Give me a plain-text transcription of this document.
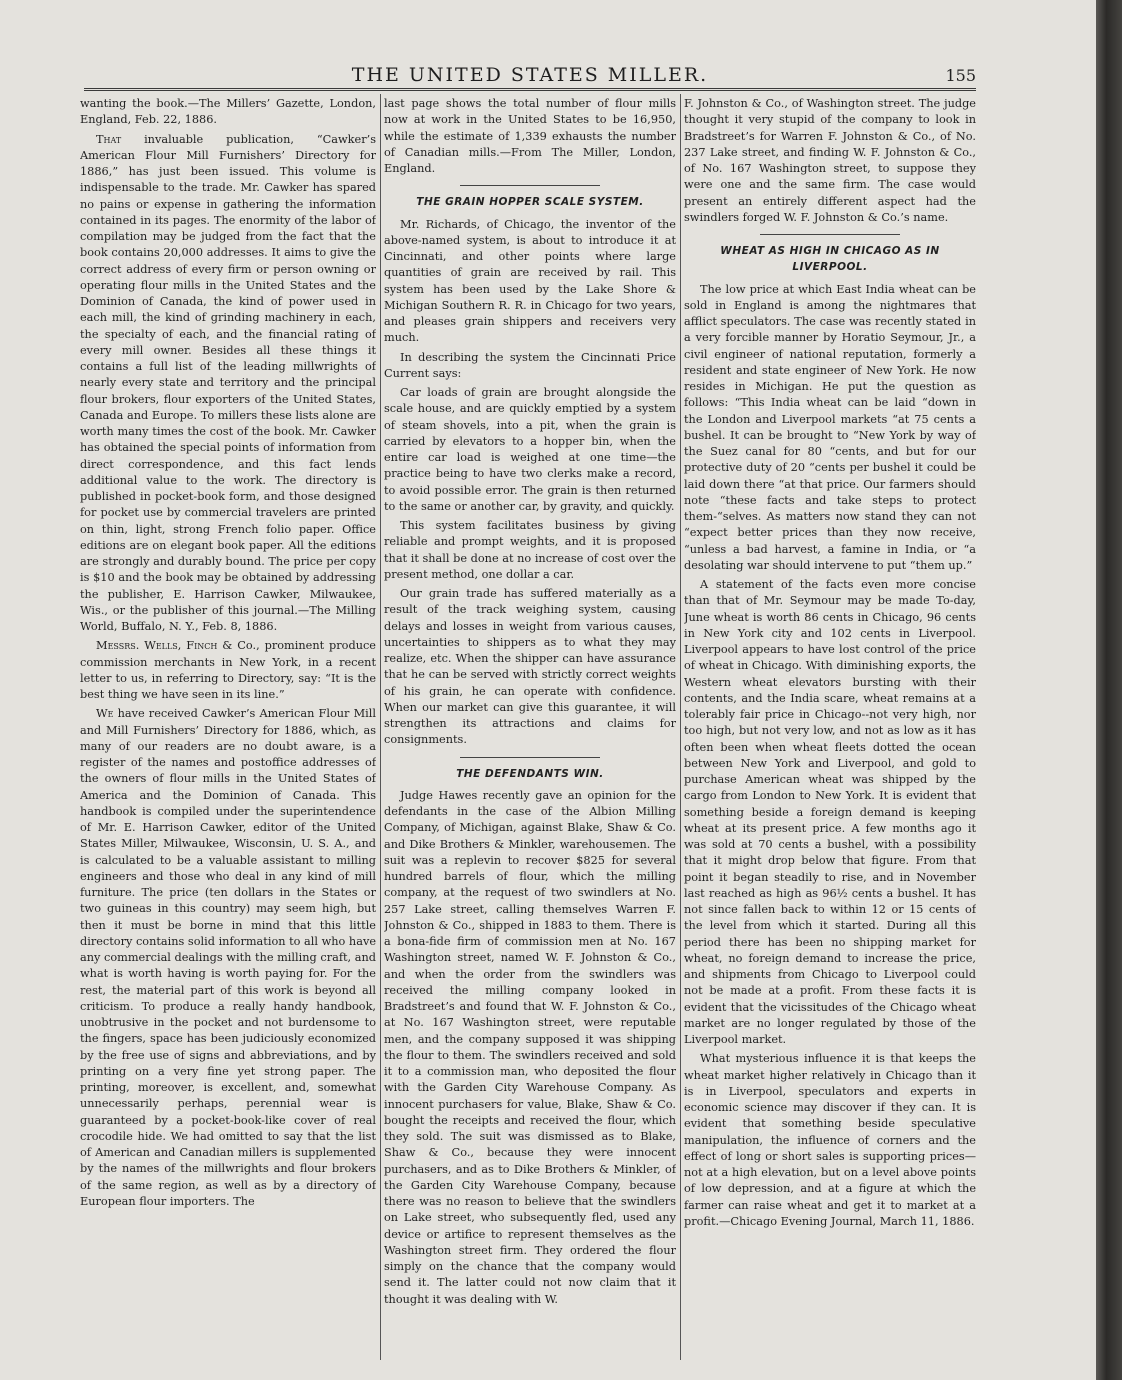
THE UNITED STATES MILLER.	155

wanting the book.—The Millers’ Gazette, London, England, Feb. 22, 1886.

That invaluable publication, “Cawker’s American Flour Mill Furnishers’ Directory for 1886,” has just been issued. This volume is indispensable to the trade. Mr. Cawker has spared no pains or expense in gathering the information contained in its pages. The enormity of the labor of compilation may be judged from the fact that the book contains 20,000 addresses. It aims to give the correct address of every firm or person owning or operating flour mills in the United States and the Dominion of Canada, the kind of power used in each mill, the kind of grinding machinery in each, the specialty of each, and the financial rating of every mill owner. Besides all these things it contains a full list of the leading millwrights of nearly every state and territory and the principal flour brokers, flour exporters of the United States, Canada and Europe. To millers these lists alone are worth many times the cost of the book. Mr. Cawker has obtained the special points of information from direct correspondence, and this fact lends additional value to the work. The directory is published in pocket-book form, and those designed for pocket use by commercial travelers are printed on thin, light, strong French folio paper. Office editions are on elegant book paper. All the editions are strongly and durably bound. The price per copy is $10 and the book may be obtained by addressing the publisher, E. Harrison Cawker, Milwaukee, Wis., or the publisher of this journal.—The Milling World, Buffalo, N. Y., Feb. 8, 1886.

Messrs. Wells, Finch & Co., prominent produce commission merchants in New York, in a recent letter to us, in referring to Directory, say: “It is the best thing we have seen in its line.”

We have received Cawker’s American Flour Mill and Mill Furnishers’ Directory for 1886, which, as many of our readers are no doubt aware, is a register of the names and postoffice addresses of the owners of flour mills in the United States of America and the Dominion of Canada. This handbook is compiled under the superintendence of Mr. E. Harrison Cawker, editor of the United States Miller, Milwaukee, Wisconsin, U. S. A., and is calculated to be a valuable assistant to milling engineers and those who deal in any kind of mill furniture. The price (ten dollars in the States or two guineas in this country) may seem high, but then it must be borne in mind that this little directory contains solid information to all who have any commercial dealings with the milling craft, and what is worth having is worth paying for. For the rest, the material part of this work is beyond all criticism. To produce a really handy handbook, unobtrusive in the pocket and not burdensome to the fingers, space has been judiciously economized by the free use of signs and abbreviations, and by printing on a very fine yet strong paper. The printing, moreover, is excellent, and, somewhat unnecessarily perhaps, perennial wear is guaranteed by a pocket-book-like cover of real crocodile hide. We had omitted to say that the list of American and Canadian millers is supplemented by the names of the millwrights and flour brokers of the same region, as well as by a directory of European flour importers. The

last page shows the total number of flour mills now at work in the United States to be 16,950, while the estimate of 1,339 exhausts the number of Canadian mills.—From The Miller, London, England.

THE GRAIN HOPPER SCALE SYSTEM.

Mr. Richards, of Chicago, the inventor of the above-named system, is about to introduce it at Cincinnati, and other points where large quantities of grain are received by rail. This system has been used by the Lake Shore & Michigan Southern R. R. in Chicago for two years, and pleases grain shippers and receivers very much.

In describing the system the Cincinnati Price Current says:

Car loads of grain are brought alongside the scale house, and are quickly emptied by a system of steam shovels, into a pit, when the grain is carried by elevators to a hopper bin, when the entire car load is weighed at one time—the practice being to have two clerks make a record, to avoid possible error. The grain is then returned to the same or another car, by gravity, and quickly.

This system facilitates business by giving reliable and prompt weights, and it is proposed that it shall be done at no increase of cost over the present method, one dollar a car.

Our grain trade has suffered materially as a result of the track weighing system, causing delays and losses in weight from various causes, uncertainties to shippers as to what they may realize, etc. When the shipper can have assurance that he can be served with strictly correct weights of his grain, he can operate with confidence. When our market can give this guarantee, it will strengthen its attractions and claims for consignments.

THE DEFENDANTS WIN.

Judge Hawes recently gave an opinion for the defendants in the case of the Albion Milling Company, of Michigan, against Blake, Shaw & Co. and Dike Brothers & Minkler, warehousemen. The suit was a replevin to recover $825 for several hundred barrels of flour, which the milling company, at the request of two swindlers at No. 257 Lake street, calling themselves Warren F. Johnston & Co., shipped in 1883 to them. There is a bona-fide firm of commission men at No. 167 Washington street, named W. F. Johnston & Co., and when the order from the swindlers was received the milling company looked in Bradstreet’s and found that W. F. Johnston & Co., at No. 167 Washington street, were reputable men, and the company supposed it was shipping the flour to them. The swindlers received and sold it to a commission man, who deposited the flour with the Garden City Warehouse Company. As innocent purchasers for value, Blake, Shaw & Co. bought the receipts and received the flour, which they sold. The suit was dismissed as to Blake, Shaw & Co., because they were innocent purchasers, and as to Dike Brothers & Minkler, of the Garden City Warehouse Company, because there was no reason to believe that the swindlers on Lake street, who subsequently fled, used any device or artifice to represent themselves as the Washington street firm. They ordered the flour simply on the chance that the company would send it. The latter could not now claim that it thought it was dealing with W.

F. Johnston & Co., of Washington street. The judge thought it very stupid of the company to look in Bradstreet’s for Warren F. Johnston & Co., of No. 237 Lake street, and finding W. F. Johnston & Co., of No. 167 Washington street, to suppose they were one and the same firm. The case would present an entirely different aspect had the swindlers forged W. F. Johnston & Co.’s name.

WHEAT AS HIGH IN CHICAGO AS IN LIVERPOOL.

The low price at which East India wheat can be sold in England is among the nightmares that afflict speculators. The case was recently stated in a very forcible manner by Horatio Seymour, Jr., a civil engineer of national reputation, formerly a resident and state engineer of New York. He now resides in Michigan. He put the question as follows: “This India wheat can be laid “down in the London and Liverpool markets “at 75 cents a bushel. It can be brought to “New York by way of the Suez canal for 80 “cents, and but for our protective duty of 20 “cents per bushel it could be laid down there “at that price. Our farmers should note “these facts and take steps to protect them-“selves. As matters now stand they can not “expect better prices than they now receive, “unless a bad harvest, a famine in India, or “a desolating war should intervene to put “them up.”

A statement of the facts even more concise than that of Mr. Seymour may be made To-day, June wheat is worth 86 cents in Chicago, 96 cents in New York city and 102 cents in Liverpool. Liverpool appears to have lost control of the price of wheat in Chicago. With diminishing exports, the Western wheat elevators bursting with their contents, and the India scare, wheat remains at a tolerably fair price in Chicago--not very high, nor too high, but not very low, and not as low as it has often been when wheat fleets dotted the ocean between New York and Liverpool, and gold to purchase American wheat was shipped by the cargo from London to New York. It is evident that something beside a foreign demand is keeping wheat at its present price. A few months ago it was sold at 70 cents a bushel, with a possibility that it might drop below that figure. From that point it began steadily to rise, and in November last reached as high as 96½ cents a bushel. It has not since fallen back to within 12 or 15 cents of the level from which it started. During all this period there has been no shipping market for wheat, no foreign demand to increase the price, and shipments from Chicago to Liverpool could not be made at a profit. From these facts it is evident that the vicissitudes of the Chicago wheat market are no longer regulated by those of the Liverpool market.

What mysterious influence it is that keeps the wheat market higher relatively in Chicago than it is in Liverpool, speculators and experts in economic science may discover if they can. It is evident that something beside speculative manipulation, the influence of corners and the effect of long or short sales is supporting prices—not at a high elevation, but on a level above points of low depression, and at a figure at which the farmer can raise wheat and get it to market at a profit.—Chicago Evening Journal, March 11, 1886.
